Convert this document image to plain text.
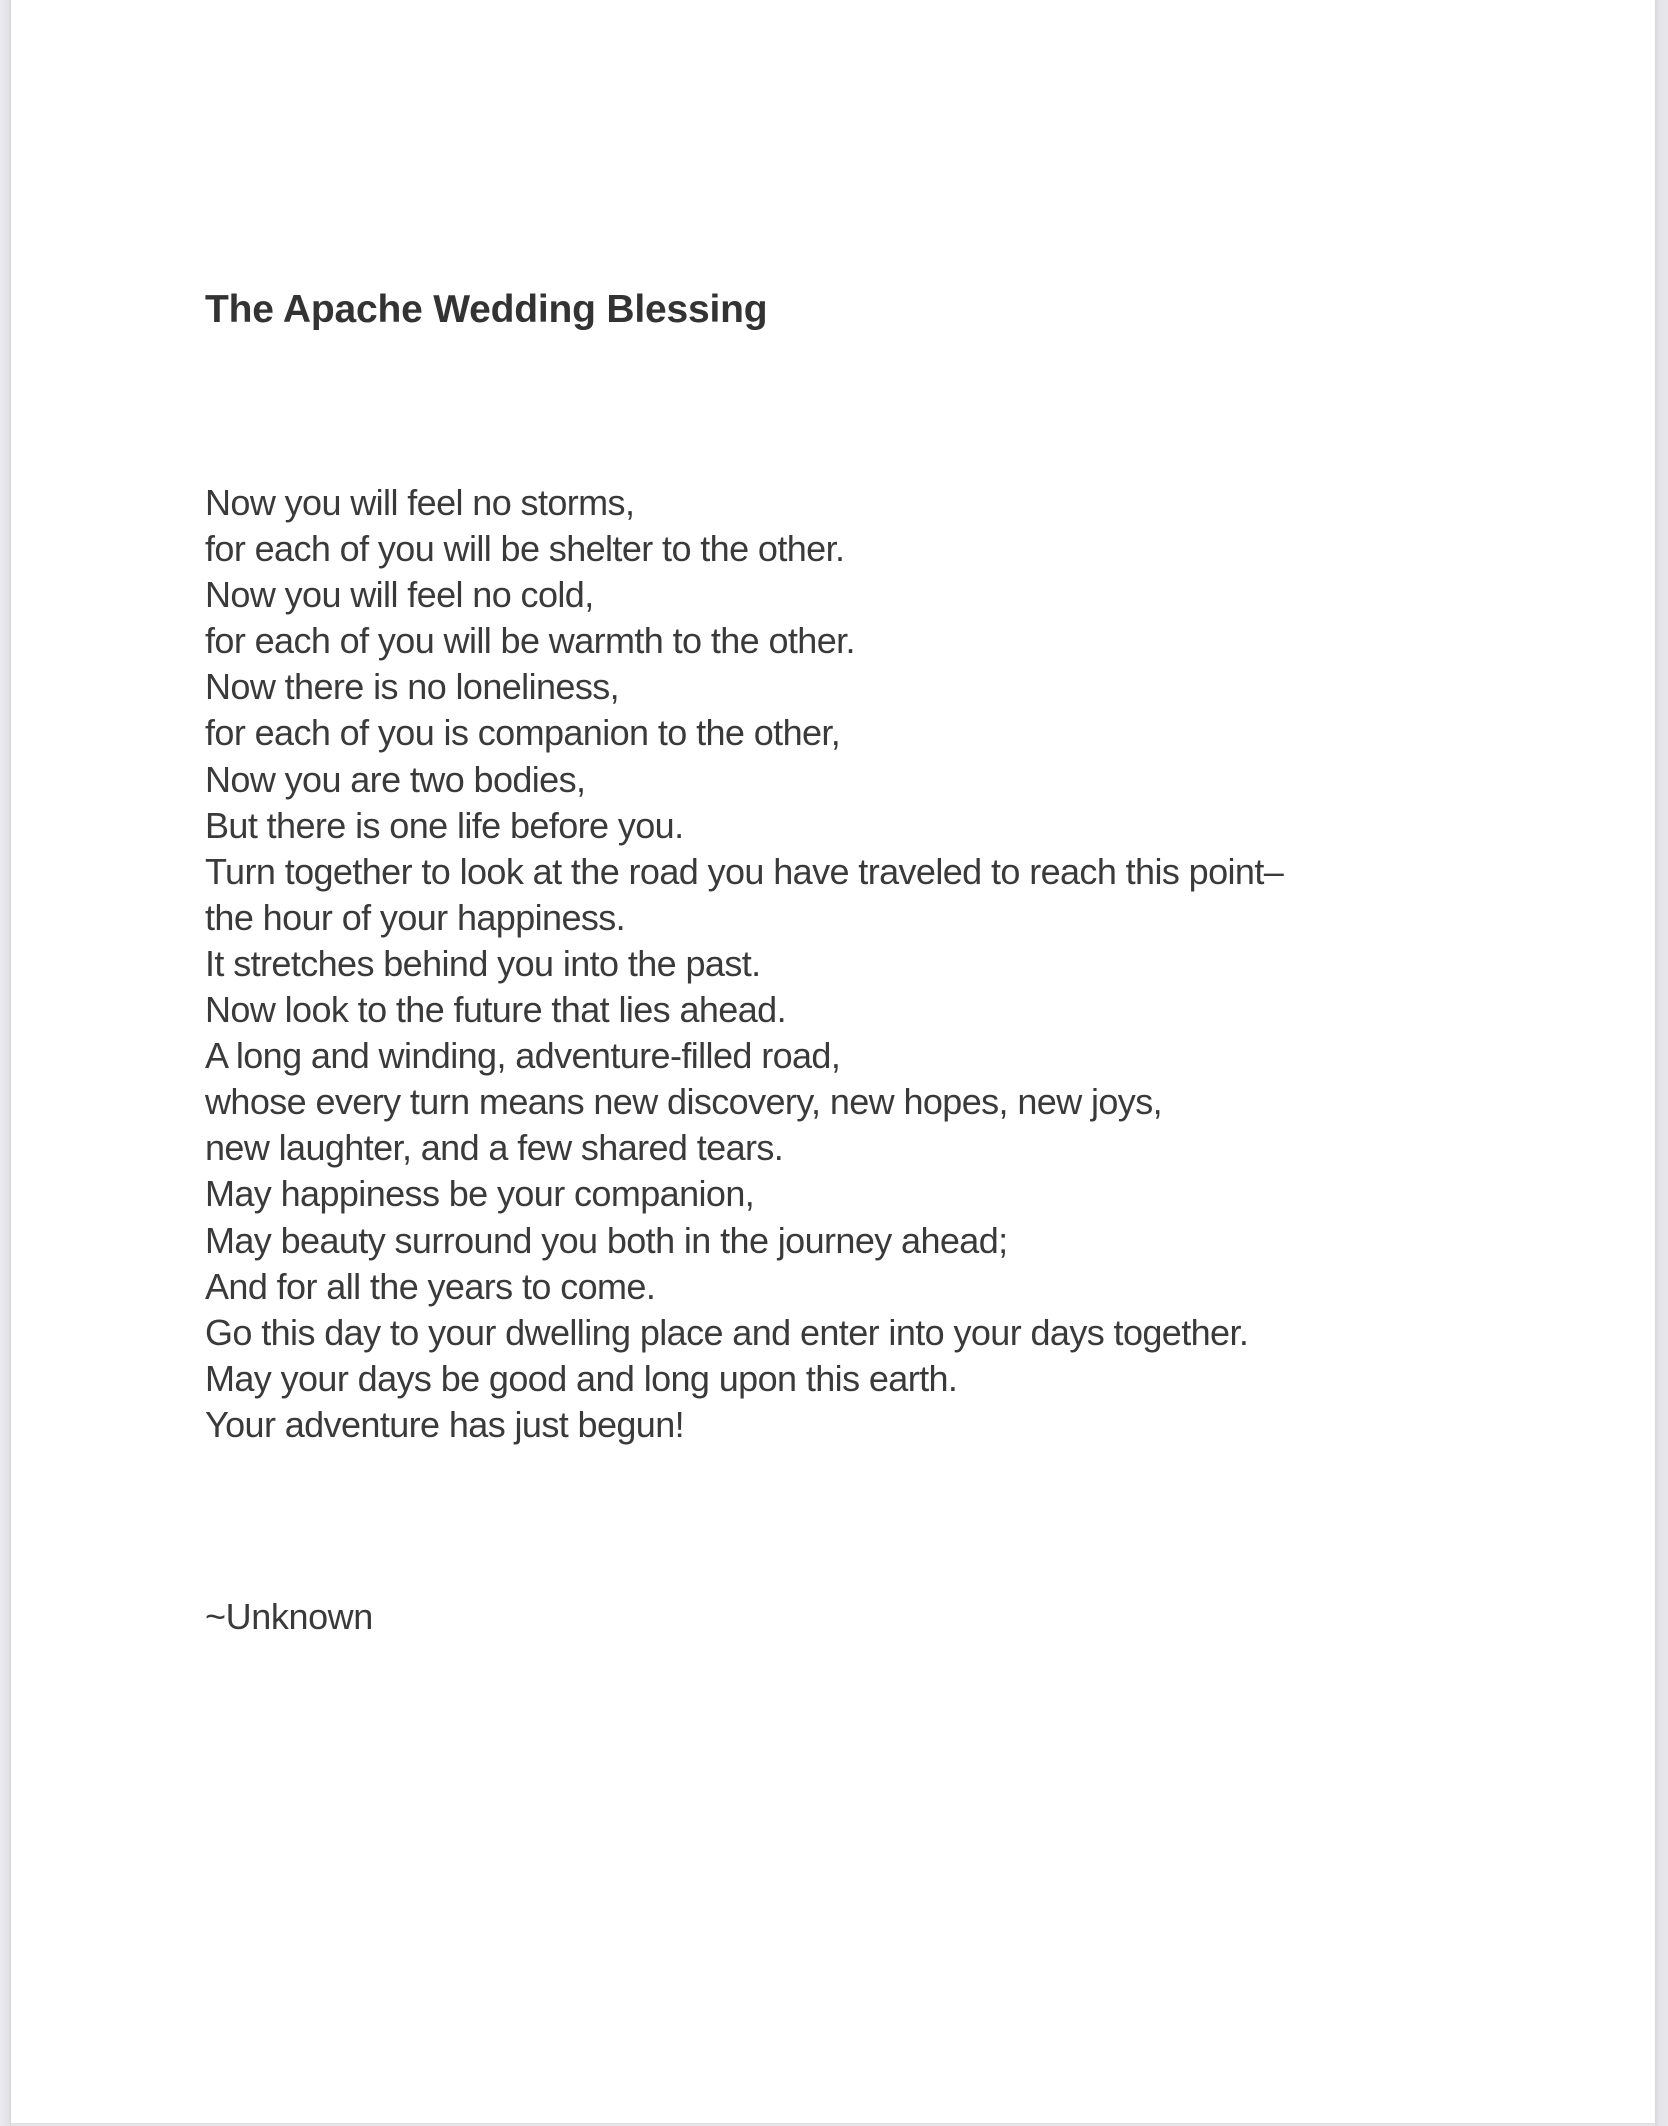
The Apache Wedding Blessing
Now you will feel no storms,
for each of you will be shelter to the other.
Now you will feel no cold,
for each of you will be warmth to the other.
Now there is no loneliness,
for each of you is companion to the other,
Now you are two bodies,
But there is one life before you.
Turn together to look at the road you have traveled to reach this point–
the hour of your happiness.
It stretches behind you into the past.
Now look to the future that lies ahead.
A long and winding, adventure-filled road,
whose every turn means new discovery, new hopes, new joys,
new laughter, and a few shared tears.
May happiness be your companion,
May beauty surround you both in the journey ahead;
And for all the years to come.
Go this day to your dwelling place and enter into your days together.
May your days be good and long upon this earth.
Your adventure has just begun!

~Unknown
